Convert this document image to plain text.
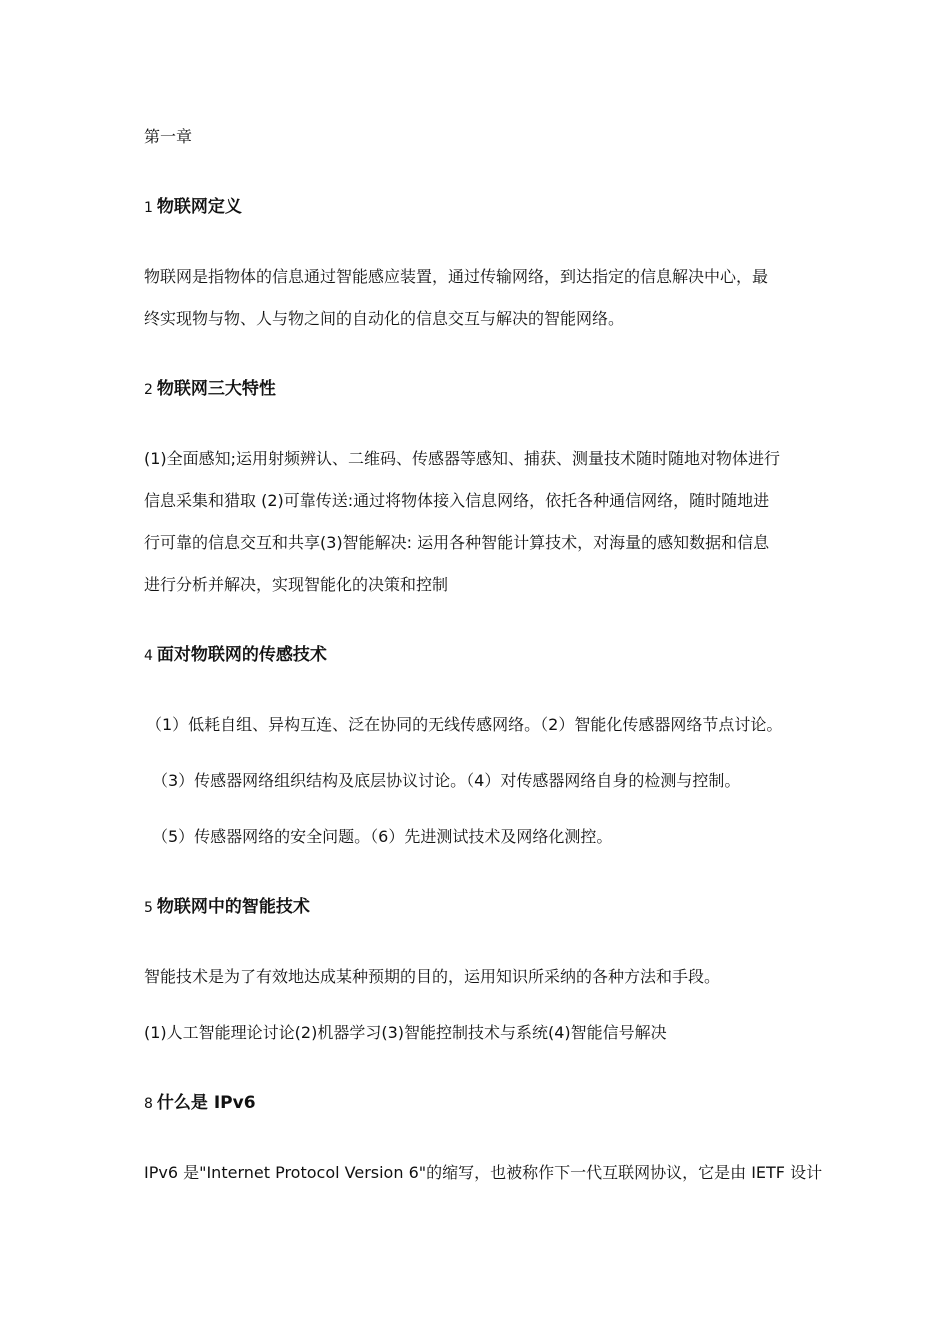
第一章
1 物联网定义
物联网是指物体的信息通过智能感应装置，通过传输网络，到达指定的信息解决中心，最
终实现物与物、人与物之间的自动化的信息交互与解决的智能网络。
2 物联网三大特性
(1)全面感知;运用射频辨认、二维码、传感器等感知、捕获、测量技术随时随地对物体进行
信息采集和猎取 (2)可靠传送:通过将物体接入信息网络，依托各种通信网络，随时随地进
行可靠的信息交互和共享(3)智能解决: 运用各种智能计算技术，对海量的感知数据和信息
进行分析并解决，实现智能化的决策和控制
4 面对物联网的传感技术
（1）低耗自组、异构互连、泛在协同的无线传感网络。（2）智能化传感器网络节点讨论。
（3）传感器网络组织结构及底层协议讨论。（4）对传感器网络自身的检测与控制。
（5）传感器网络的安全问题。（6）先进测试技术及网络化测控。
5 物联网中的智能技术
智能技术是为了有效地达成某种预期的目的，运用知识所采纳的各种方法和手段。
(1)人工智能理论讨论(2)机器学习(3)智能控制技术与系统(4)智能信号解决
8 什么是 IPv6
IPv6 是"Internet Protocol Version 6"的缩写，也被称作下一代互联网协议，它是由 IETF 设计
